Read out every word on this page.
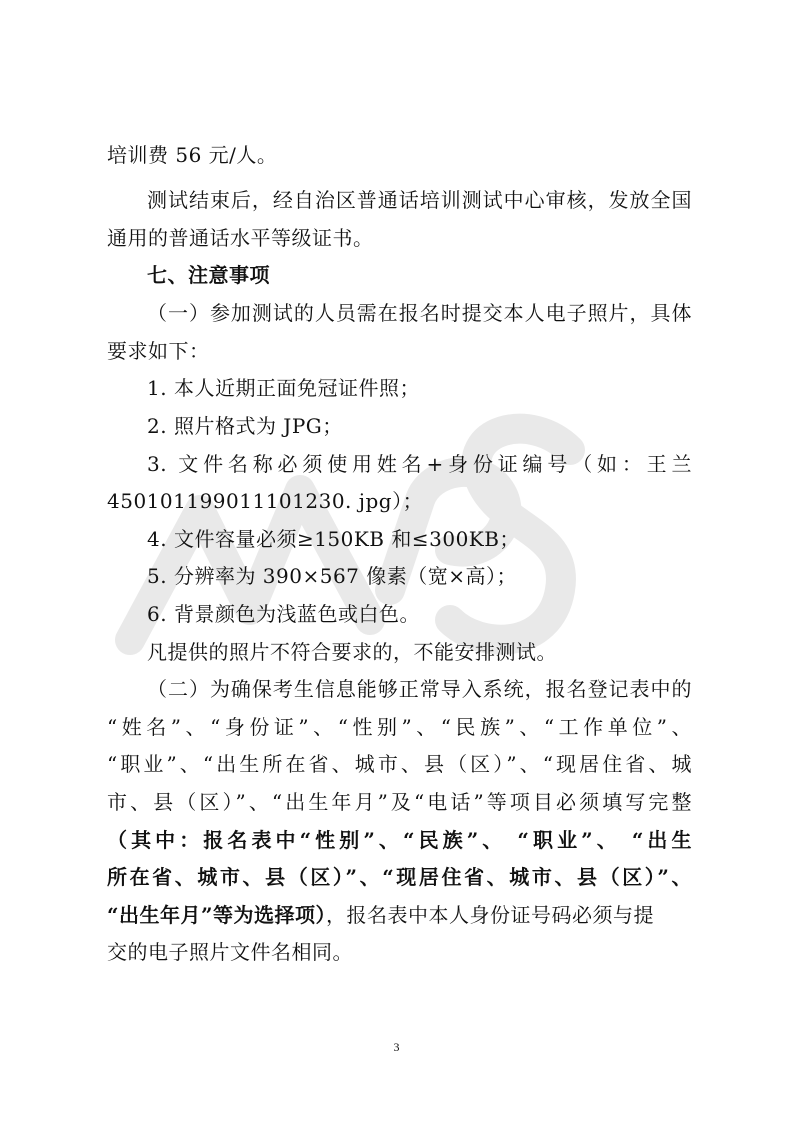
WPS
培训费 56 元/人。
测试结束后，经自治区普通话培训测试中心审核，发放全国
通用的普通话水平等级证书。
七、注意事项
（一）参加测试的人员需在报名时提交本人电子照片，具体
要求如下：
1. 本人近期正面免冠证件照；
2. 照片格式为 JPG；
3. 文件名称必须使用姓名+身份证编号（如：王兰
450101199011101230. jpg）；
4. 文件容量必须≥150KB 和≤300KB；
5. 分辨率为 390×567 像素（宽×高）；
6. 背景颜色为浅蓝色或白色。
凡提供的照片不符合要求的，不能安排测试。
（二）为确保考生信息能够正常导入系统，报名登记表中的
“姓名”、“身份证”、“性别”、“民族”、“工作单位”、
“职业”、“出生所在省、城市、县（区）”、“现居住省、城
市、县（区）”、“出生年月”及“电话”等项目必须填写完整
（其中：报名表中“性别”、“民族”、 “职业”、 “出生
所在省、城市、县（区）”、“现居住省、城市、县（区）”、
“出生年月”等为选择项），报名表中本人身份证号码必须与提
交的电子照片文件名相同。
3
